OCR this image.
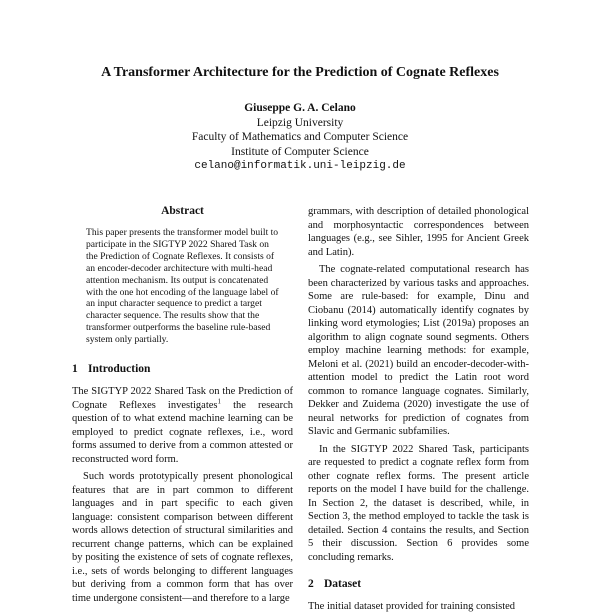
A Transformer Architecture for the Prediction of Cognate Reflexes
Giuseppe G. A. Celano
Leipzig University
Faculty of Mathematics and Computer Science
Institute of Computer Science
celano@informatik.uni-leipzig.de
Abstract

This paper presents the transformer model built to participate in the SIGTYP 2022 Shared Task on the Prediction of Cognate Reflexes. It consists of an encoder-decoder architecture with multi-head attention mechanism. Its output is concatenated with the one hot encoding of the language label of an input character sequence to predict a target character sequence. The results show that the transformer outperforms the baseline rule-based system only partially.

1 Introduction

The SIGTYP 2022 Shared Task on the Prediction of Cognate Reflexes investigates$^1$ the research question of to what extend machine learning can be employed to predict cognate reflexes, i.e., word forms assumed to derive from a common attested or reconstructed word form.

Such words prototypically present phonological features that are in part common to different languages and in part specific to each given language: consistent comparison between different words allows detection of structural similarities and recurrent change patterns, which can be explained by positing the existence of sets of cognate reflexes, i.e., sets of words belonging to different languages but deriving from a common form that has over time undergone consistent—and therefore to a large

grammars, with description of detailed phonological and morphosyntactic correspondences between languages (e.g., see Sihler, 1995 for Ancient Greek and Latin).

The cognate-related computational research has been characterized by various tasks and approaches. Some are rule-based: for example, Dinu and Ciobanu (2014) automatically identify cognates by linking word etymologies; List (2019a) proposes an algorithm to align cognate sound segments. Others employ machine learning methods: for example, Meloni et al. (2021) build an encoder-decoder-with-attention model to predict the Latin root word common to romance language cognates. Similarly, Dekker and Zuidema (2020) investigate the use of neural networks for prediction of cognates from Slavic and Germanic subfamilies.

In the SIGTYP 2022 Shared Task, participants are requested to predict a cognate reflex form from other cognate reflex forms. The present article reports on the model I have build for the challenge. In Section 2, the dataset is described, while, in Section 3, the method employed to tackle the task is detailed. Section 4 contains the results, and Section 5 their discussion. Section 6 provides some concluding remarks.

2 Dataset

The initial dataset provided for training consisted
